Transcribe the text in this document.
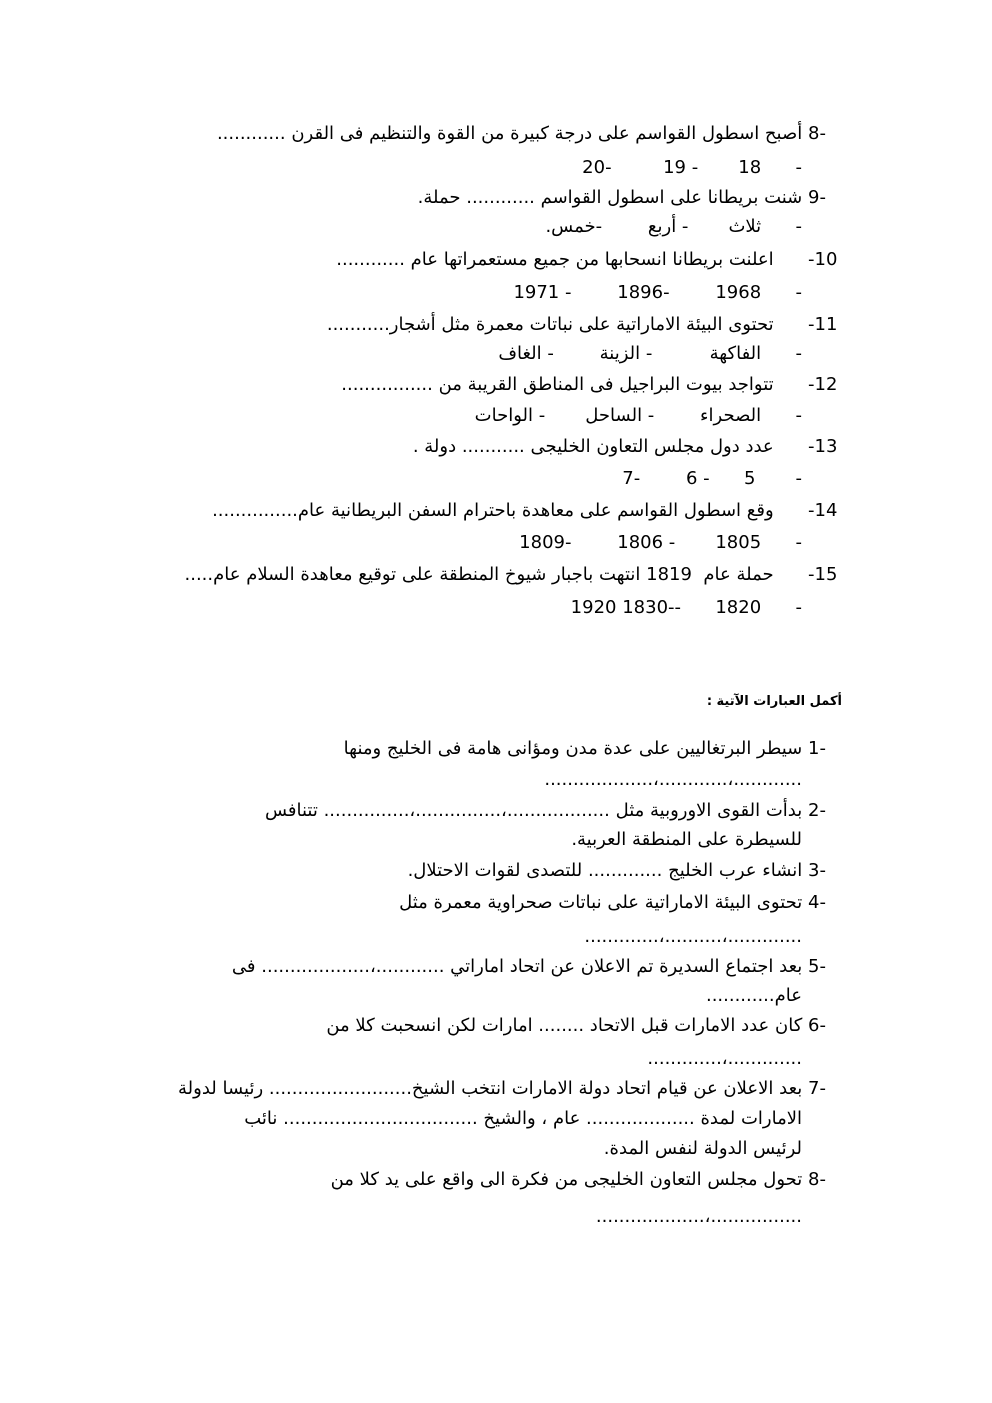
8- أصبح اسطول القواسم على درجة كبيرة من القوة والتنظيم فى القرن ............
-      18       - 19         -20
9- شنت بريطانا على اسطول القواسم ............ حملة.
-      ثلاث       - أربع        -خمس.
-10      اعلنت بريطانا انسحابها من جميع مستعمراتها عام ............
-      1968        -1896        - 1971
-11      تحتوى البيئة الاماراتية على نباتات معمرة مثل أشجار...........
-      الفاكهة          - الزينة        - الغاف
-12      تتواجد بيوت البراجيل فى المناطق القريبة من ................
-      الصحراء        - الساحل       - الواحات
-13      عدد دول مجلس التعاون الخليجى ........... دولة .
-       5      - 6        -7
-14      وقع اسطول القواسم على معاهدة باحترام السفن البريطانية عام...............
-      1805       - 1806        -1809
-15      حملة عام  1819 انتهت باجبار شيوخ المنطقة على توقيع معاهدة السلام عام.....
-      1820      --1830 1920
أكمل العبارات الآتية :
1- سيطر البرتغاليين على عدة مدن ومؤانى هامة فى الخليج ومنها
...................،............،............
2- بدأت القوى الاوروبية مثل ..................،...............،............... تتنافس
للسيطرة على المنطقة العربية.
3- انشاء عرب الخليج ............. للتصدى لقوات الاحتلال.
4- تحتوى البيئة الاماراتية على نباتات صحراوية معمرة مثل
.............،..........،.............
5- بعد اجتماع السديرة تم الاعلان عن اتحاد اماراتي ............،................... فى
عام............
6- كان عدد الامارات قبل الاتحاد ........ امارات لكن انسحبت كلا من
.............،.............
7- بعد الاعلان عن قيام اتحاد دولة الامارات انتخب الشيخ......................... رئيسا لدولة
الامارات لمدة ................... عام ، والشيخ .................................. نائب
لرئيس الدولة لنفس المدة.
8- تحول مجلس التعاون الخليجى من فكرة الى واقع على يد كلا من
...................،................
